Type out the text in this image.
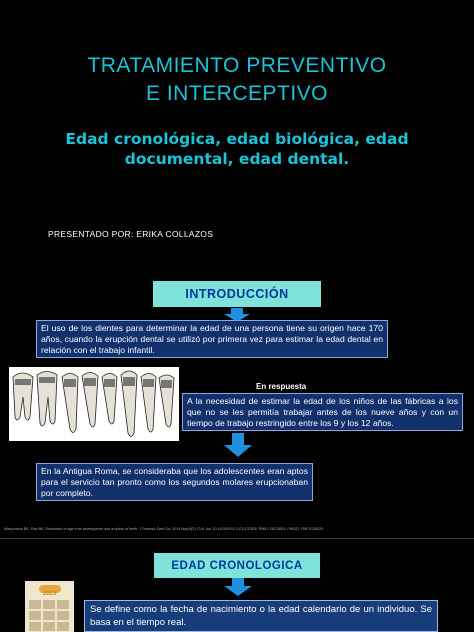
TRATAMIENTO PREVENTIVO
E INTERCEPTIVO
Edad cronológica, edad biológica, edad
documental, edad dental.
PRESENTADO POR: ERIKA COLLAZOS
INTRODUCCIÓN
El uso de los dientes para determinar la edad de una persona tiene su origen hace 170 años, cuando la erupción dental se utilizó por primera vez para estimar la edad dental en relación con el trabajo infantil.
En respuesta
A la necesidad de estimar la edad de los niños de las fábricas a los que no se les permitía trabajar antes de los nueve años y con un tiempo de trabajo restringido entre los 9 y los 12 años.
En la Antigua Roma, se consideraba que los adolescentes eran aptos para el servicio tan pronto como los segundos molares erupcionaban por completo.
Manjunatha BS, Soni NK. Estimation of age from development and eruption of teeth. J Forensic Dent Sci. 2014 May;6(2):73-6. doi: 10.4103/0975-1475.132526. PMID: 25125911; PMCID: PMC4130020.
EDAD CRONOLOGICA
2023
Se define como la fecha de nacimiento o la edad calendario de un individuo. Se basa en el tiempo real.
